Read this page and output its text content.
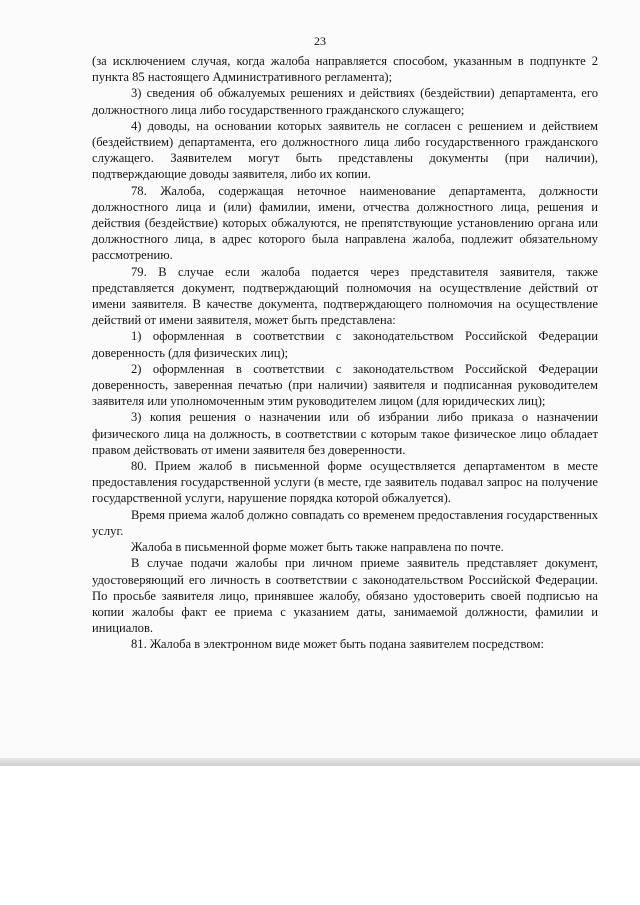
23

(за исключением случая, когда жалоба направляется способом, указанным в подпункте 2 пункта 85 настоящего Административного регламента);

3) сведения об обжалуемых решениях и действиях (бездействии) департамента, его должностного лица либо государственного гражданского служащего;

4) доводы, на основании которых заявитель не согласен с решением и действием (бездействием) департамента, его должностного лица либо государственного гражданского служащего. Заявителем могут быть представлены документы (при наличии), подтверждающие доводы заявителя, либо их копии.

78. Жалоба, содержащая неточное наименование департамента, должности должностного лица и (или) фамилии, имени, отчества должностного лица, решения и действия (бездействие) которых обжалуются, не препятствующие установлению органа или должностного лица, в адрес которого была направлена жалоба, подлежит обязательному рассмотрению.

79. В случае если жалоба подается через представителя заявителя, также представляется документ, подтверждающий полномочия на осуществление действий от имени заявителя. В качестве документа, подтверждающего полномочия на осуществление действий от имени заявителя, может быть представлена:

1) оформленная в соответствии с законодательством Российской Федерации доверенность (для физических лиц);

2) оформленная в соответствии с законодательством Российской Федерации доверенность, заверенная печатью (при наличии) заявителя и подписанная руководителем заявителя или уполномоченным этим руководителем лицом (для юридических лиц);

3) копия решения о назначении или об избрании либо приказа о назначении физического лица на должность, в соответствии с которым такое физическое лицо обладает правом действовать от имени заявителя без доверенности.

80. Прием жалоб в письменной форме осуществляется департаментом в месте предоставления государственной услуги (в месте, где заявитель подавал запрос на получение государственной услуги, нарушение порядка которой обжалуется).

Время приема жалоб должно совпадать со временем предоставления государственных услуг.

Жалоба в письменной форме может быть также направлена по почте.

В случае подачи жалобы при личном приеме заявитель представляет документ, удостоверяющий его личность в соответствии с законодательством Российской Федерации. По просьбе заявителя лицо, принявшее жалобу, обязано удостоверить своей подписью на копии жалобы факт ее приема с указанием даты, занимаемой должности, фамилии и инициалов.

81. Жалоба в электронном виде может быть подана заявителем посредством:
